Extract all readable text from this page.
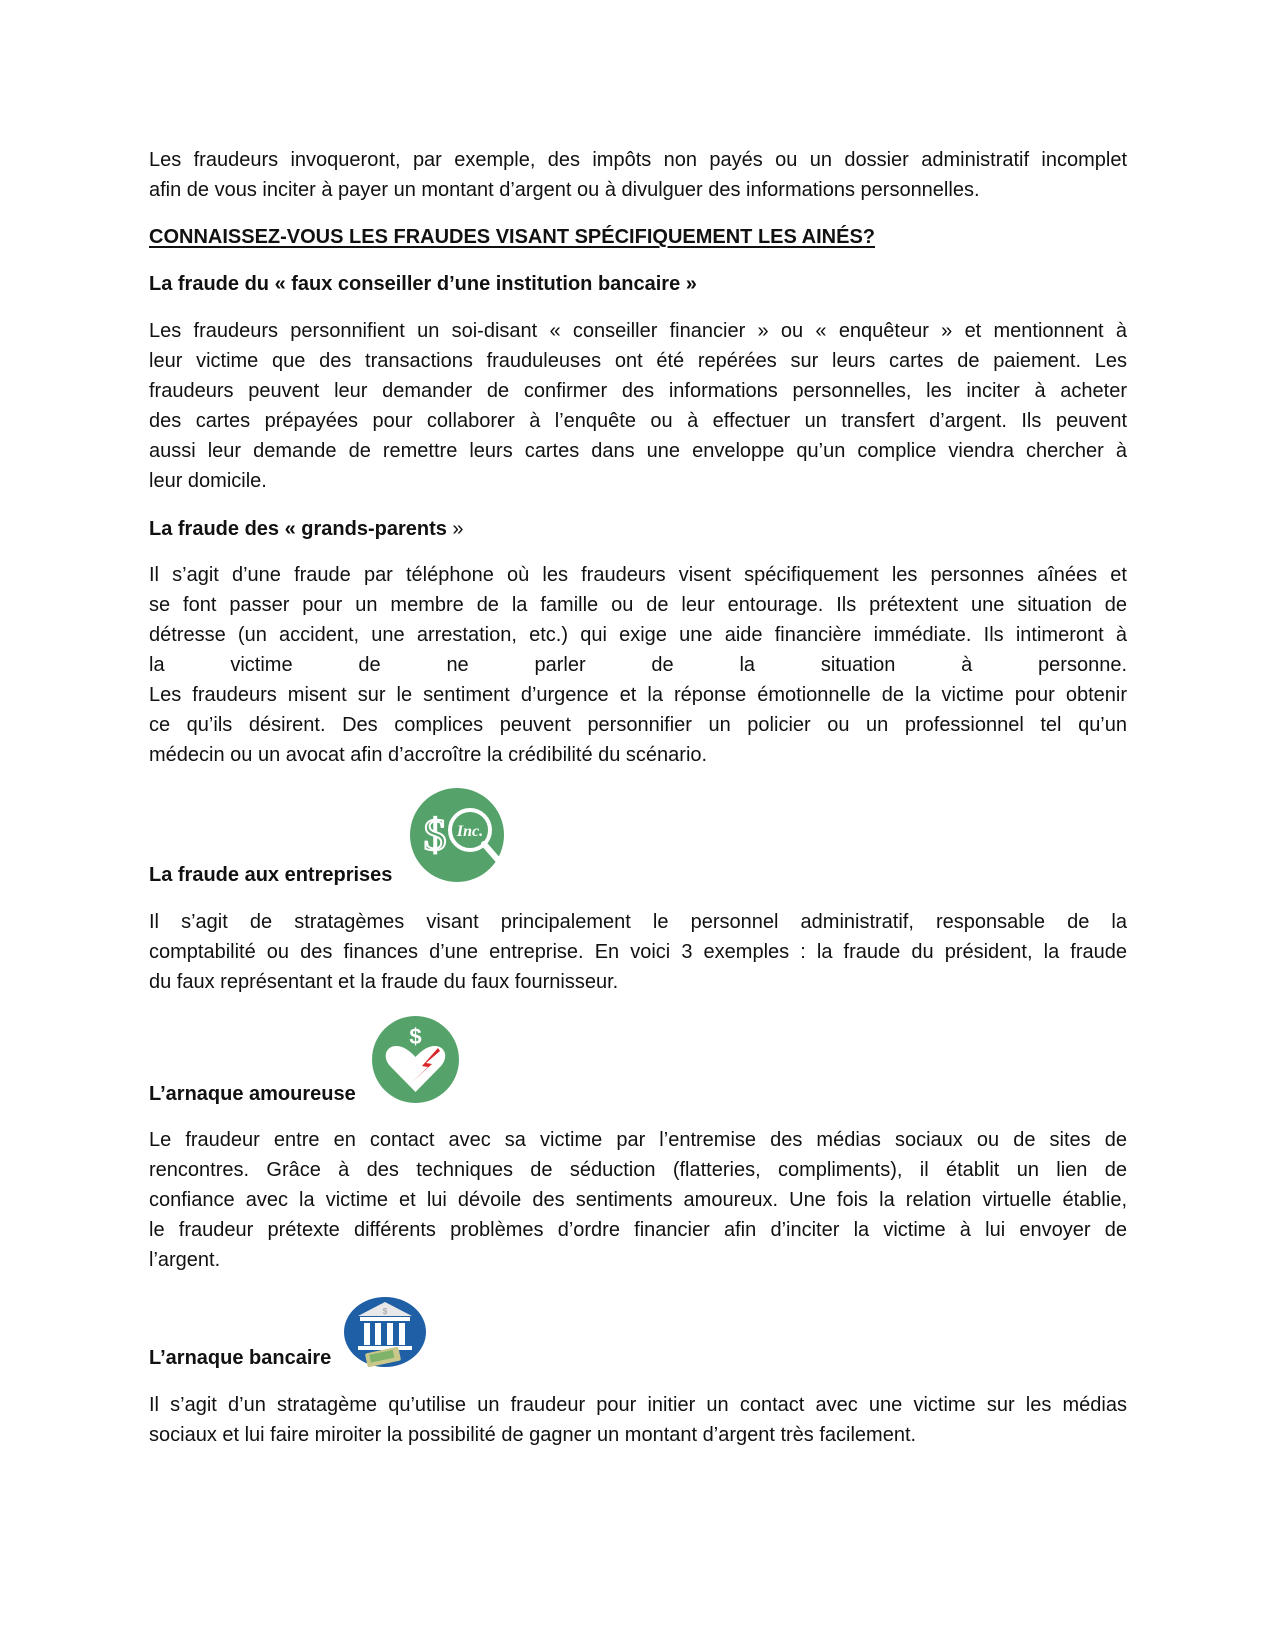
Les fraudeurs invoqueront, par exemple, des impôts non payés ou un dossier administratif incomplet
afin de vous inciter à payer un montant d’argent ou à divulguer des informations personnelles.
CONNAISSEZ-VOUS LES FRAUDES VISANT SPÉCIFIQUEMENT LES AINÉS?
La fraude du « faux conseiller d’une institution bancaire »
Les fraudeurs personnifient un soi-disant « conseiller financier » ou « enquêteur » et mentionnent à
leur victime que des transactions frauduleuses ont été repérées sur leurs cartes de paiement. Les
fraudeurs peuvent leur demander de confirmer des informations personnelles, les inciter à acheter
des cartes prépayées pour collaborer à l’enquête ou à effectuer un transfert d’argent. Ils peuvent
aussi leur demande de remettre leurs cartes dans une enveloppe qu’un complice viendra chercher à
leur domicile.
La fraude des « grands-parents »
Il s’agit d’une fraude par téléphone où les fraudeurs visent spécifiquement les personnes aînées et
se font passer pour un membre de la famille ou de leur entourage. Ils prétextent une situation de
détresse (un accident, une arrestation, etc.) qui exige une aide financière immédiate. Ils intimeront à
la victime de ne parler de la situation à personne.
Les fraudeurs misent sur le sentiment d’urgence et la réponse émotionnelle de la victime pour obtenir
ce qu’ils désirent. Des complices peuvent personnifier un policier ou un professionnel tel qu’un
médecin ou un avocat afin d’accroître la crédibilité du scénario.
$ Inc.
La fraude aux entreprises
Il s’agit de stratagèmes visant principalement le personnel administratif, responsable de la
comptabilité ou des finances d’une entreprise. En voici 3 exemples : la fraude du président, la fraude
du faux représentant et la fraude du faux fournisseur.
$
L’arnaque amoureuse
Le fraudeur entre en contact avec sa victime par l’entremise des médias sociaux ou de sites de
rencontres. Grâce à des techniques de séduction (flatteries, compliments), il établit un lien de
confiance avec la victime et lui dévoile des sentiments amoureux. Une fois la relation virtuelle établie,
le fraudeur prétexte différents problèmes d’ordre financier afin d’inciter la victime à lui envoyer de
l’argent.
$
L’arnaque bancaire
Il s’agit d’un stratagème qu’utilise un fraudeur pour initier un contact avec une victime sur les médias
sociaux et lui faire miroiter la possibilité de gagner un montant d’argent très facilement.
